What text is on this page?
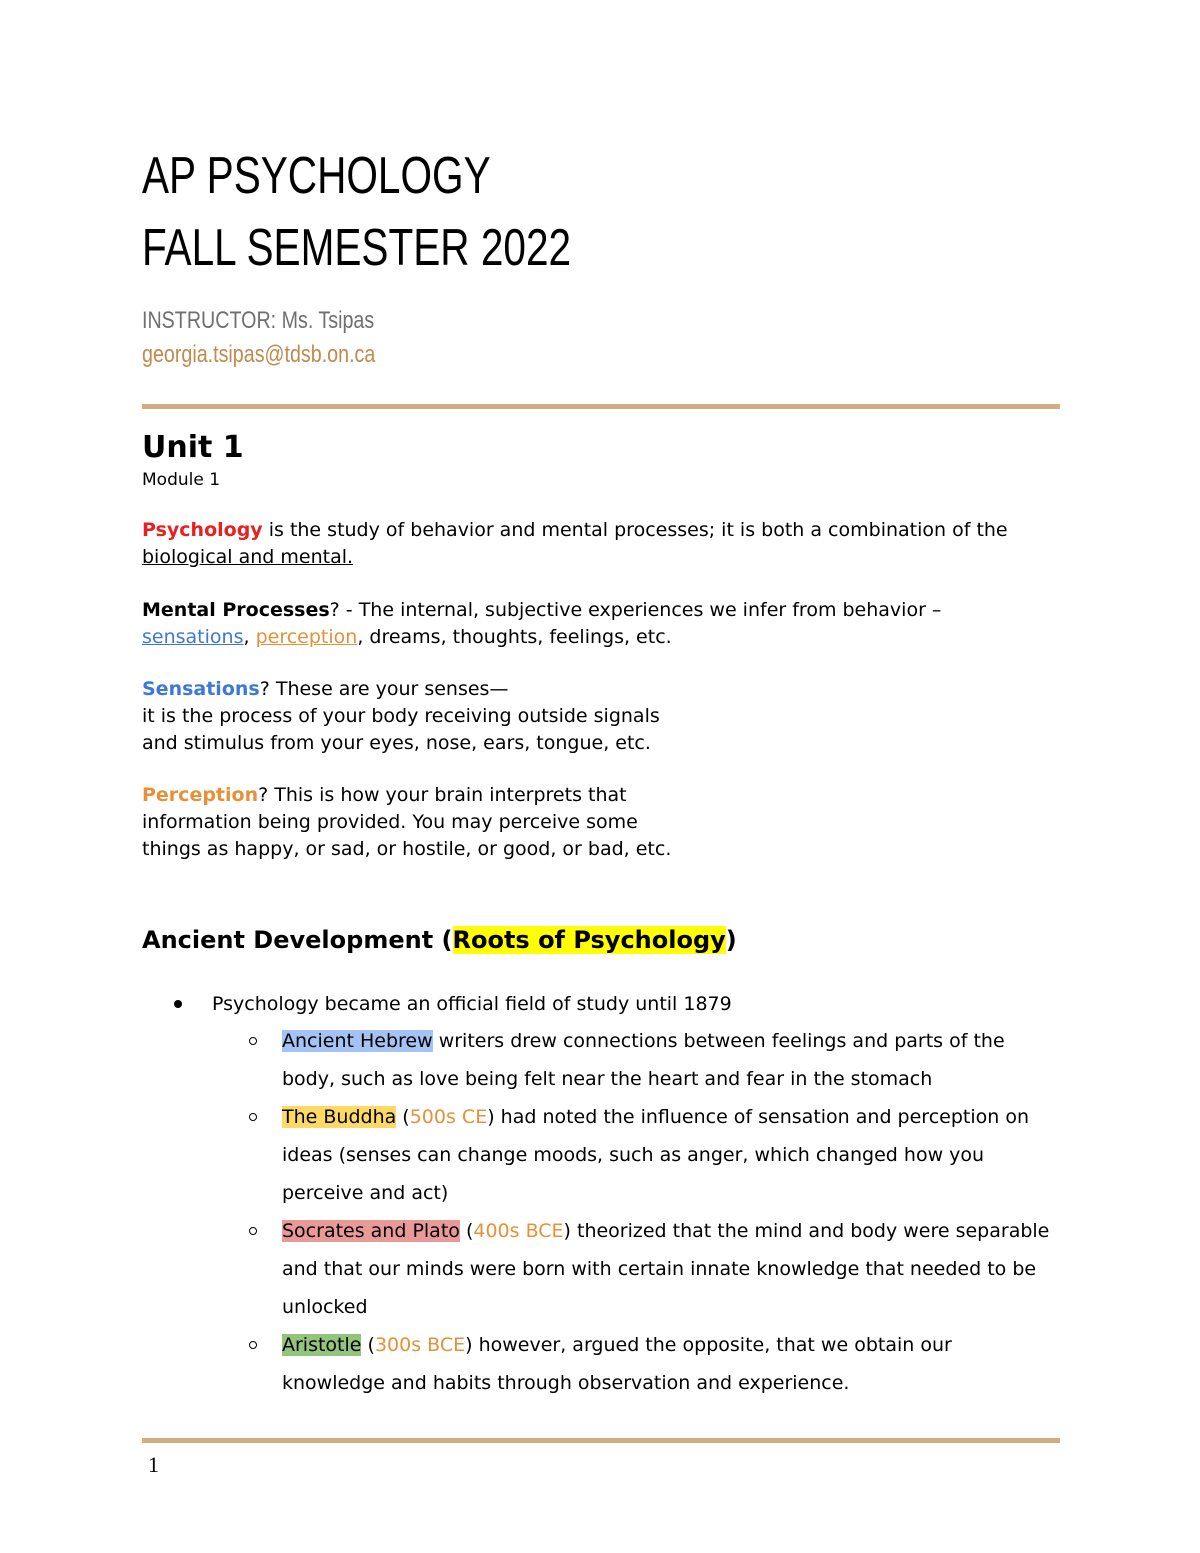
AP PSYCHOLOGY
FALL SEMESTER 2022
INSTRUCTOR: Ms. Tsipas
georgia.tsipas@tdsb.on.ca
Unit 1
Module 1
Psychology is the study of behavior and mental processes; it is both a combination of the
biological and mental.
Mental Processes? - The internal, subjective experiences we infer from behavior –
sensations, perception, dreams, thoughts, feelings, etc.
Sensations? These are your senses—
it is the process of your body receiving outside signals
and stimulus from your eyes, nose, ears, tongue, etc.
Perception? This is how your brain interprets that
information being provided. You may perceive some
things as happy, or sad, or hostile, or good, or bad, etc.
Ancient Development (Roots of Psychology)
Psychology became an official field of study until 1879
Ancient Hebrew writers drew connections between feelings and parts of the body, such as love being felt near the heart and fear in the stomach
The Buddha (500s CE) had noted the influence of sensation and perception on ideas (senses can change moods, such as anger, which changed how you perceive and act)
Socrates and Plato (400s BCE) theorized that the mind and body were separable and that our minds were born with certain innate knowledge that needed to be unlocked
Aristotle (300s BCE) however, argued the opposite, that we obtain our knowledge and habits through observation and experience.
1
